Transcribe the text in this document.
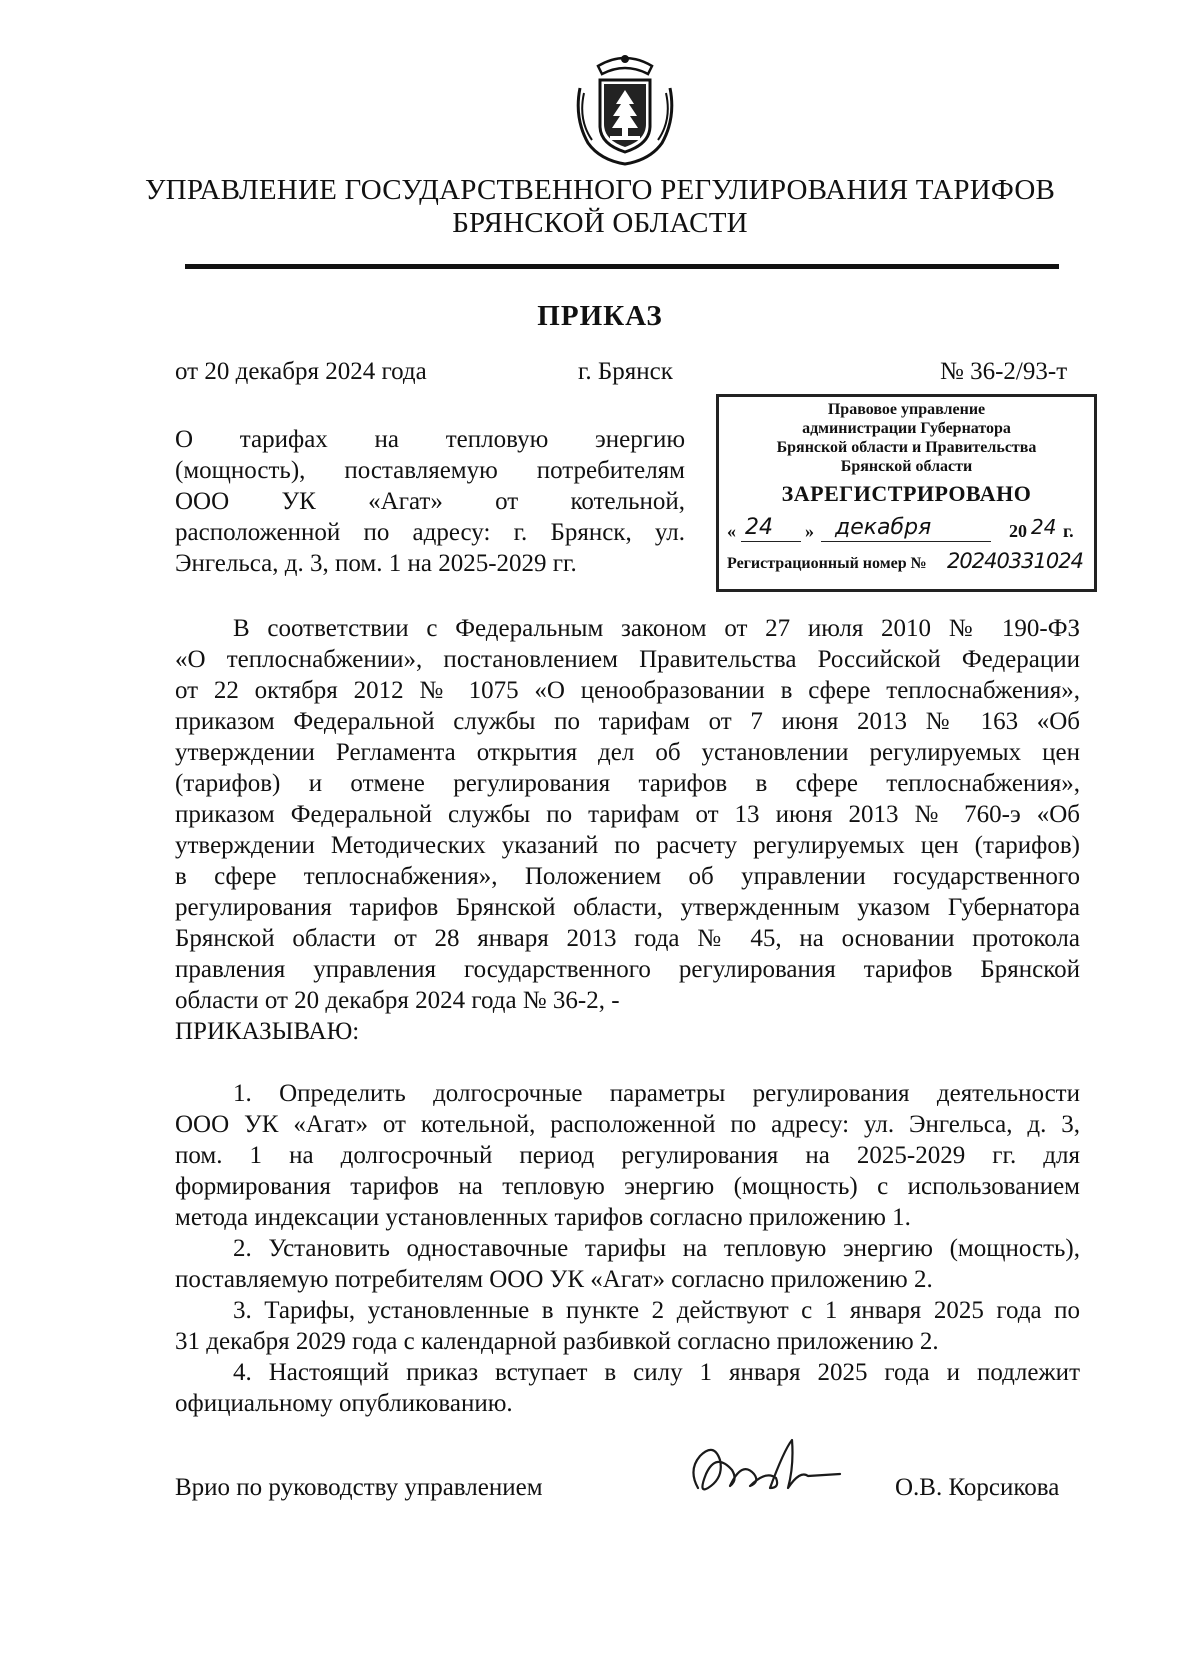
УПРАВЛЕНИЕ ГОСУДАРСТВЕННОГО РЕГУЛИРОВАНИЯ ТАРИФОВ
БРЯНСКОЙ ОБЛАСТИ
ПРИКАЗ
от 20 декабря 2024 года	г. Брянск	№ 36-2/93-т
О тарифах на тепловую энергию
(мощность), поставляемую потребителям
ООО УК «Агат» от котельной,
расположенной по адресу: г. Брянск, ул.
Энгельса, д. 3, пом. 1 на 2025-2029 гг.
Правовое управление
администрации Губернатора
Брянской области и Правительства
Брянской области
ЗАРЕГИСТРИРОВАНО
« 24 » декабря	20 24 г.
Регистрационный номер № 20240331024
В соответствии с Федеральным законом от 27 июля 2010 № 190-ФЗ
«О теплоснабжении», постановлением Правительства Российской Федерации
от 22 октября 2012 № 1075 «О ценообразовании в сфере теплоснабжения»,
приказом Федеральной службы по тарифам от 7 июня 2013 № 163 «Об
утверждении Регламента открытия дел об установлении регулируемых цен
(тарифов) и отмене регулирования тарифов в сфере теплоснабжения»,
приказом Федеральной службы по тарифам от 13 июня 2013 № 760-э «Об
утверждении Методических указаний по расчету регулируемых цен (тарифов)
в сфере теплоснабжения», Положением об управлении государственного
регулирования тарифов Брянской области, утвержденным указом Губернатора
Брянской области от 28 января 2013 года № 45, на основании протокола
правления управления государственного регулирования тарифов Брянской
области от 20 декабря 2024 года № 36-2, -
ПРИКАЗЫВАЮ:
1. Определить долгосрочные параметры регулирования деятельности
ООО УК «Агат» от котельной, расположенной по адресу: ул. Энгельса, д. 3,
пом. 1 на долгосрочный период регулирования на 2025-2029 гг. для
формирования тарифов на тепловую энергию (мощность) с использованием
метода индексации установленных тарифов согласно приложению 1.
2. Установить одноставочные тарифы на тепловую энергию (мощность),
поставляемую потребителям ООО УК «Агат» согласно приложению 2.
3. Тарифы, установленные в пункте 2 действуют с 1 января 2025 года по
31 декабря 2029 года с календарной разбивкой согласно приложению 2.
4. Настоящий приказ вступает в силу 1 января 2025 года и подлежит
официальному опубликованию.
Врио по руководству управлением	О.В. Корсикова
